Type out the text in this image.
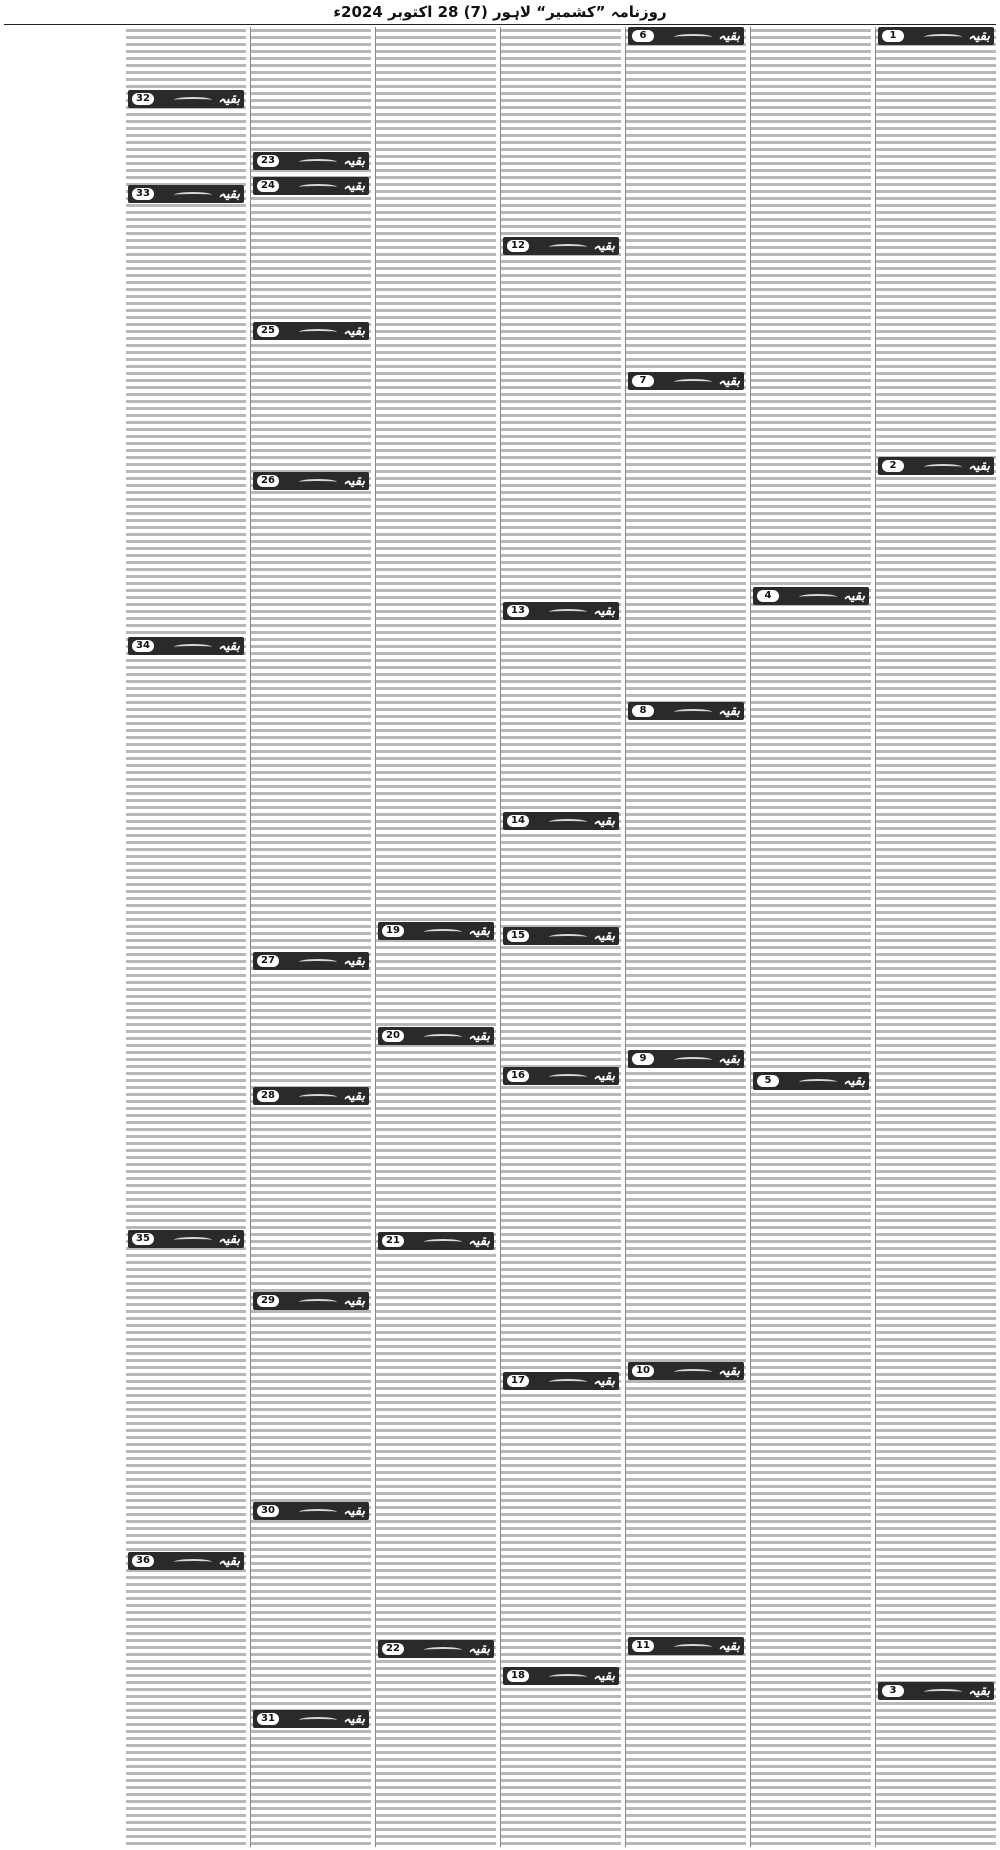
روزنامہ ”کشمیر“ لاہور (7) 28 اکتوبر 2024ء
1	بقیہ
2	بقیہ
3	بقیہ
4	بقیہ
5	بقیہ
6	بقیہ
7	بقیہ
8	بقیہ
9	بقیہ
10	بقیہ
11	بقیہ
12	بقیہ
13	بقیہ
14	بقیہ
15	بقیہ
16	بقیہ
17	بقیہ
18	بقیہ
19	بقیہ
20	بقیہ
21	بقیہ
22	بقیہ
23	بقیہ
24	بقیہ
25	بقیہ
26	بقیہ
27	بقیہ
28	بقیہ
29	بقیہ
30	بقیہ
31	بقیہ
32	بقیہ
33	بقیہ
34	بقیہ
35	بقیہ
36	بقیہ
